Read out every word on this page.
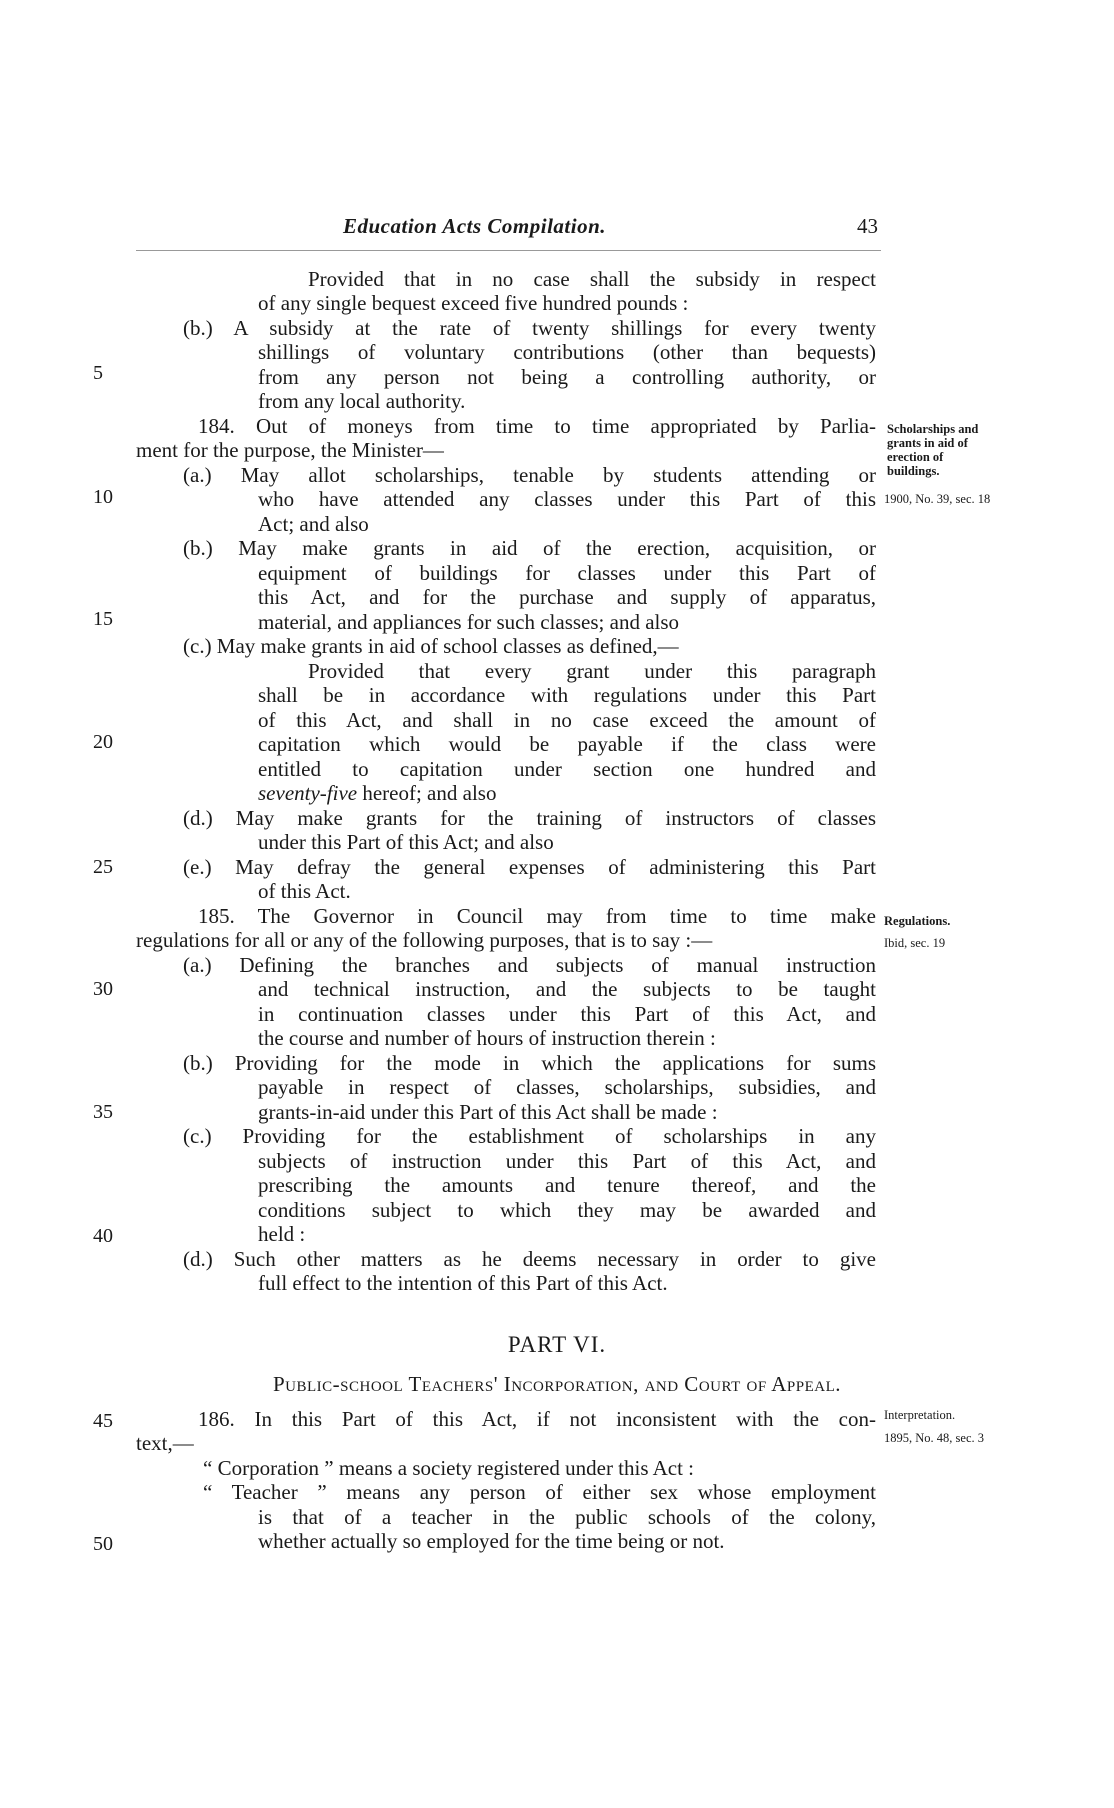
Education Acts Compilation.	43
5
10
15
20
25
30
35
40
45
50
Scholarships and
grants in aid of
erection of
buildings.
1900, No. 39, sec. 18
Regulations.
Ibid, sec. 19
Interpretation.
1895, No. 48, sec. 3
Provided that in no case shall the subsidy in respect
of any single bequest exceed five hundred pounds :
(b.) A subsidy at the rate of twenty shillings for every twenty
shillings of voluntary contributions (other than bequests)
from any person not being a controlling authority, or
from any local authority.
184. Out of moneys from time to time appropriated by Parlia-
ment for the purpose, the Minister—
(a.) May allot scholarships, tenable by students attending or
who have attended any classes under this Part of this
Act; and also
(b.) May make grants in aid of the erection, acquisition, or
equipment of buildings for classes under this Part of
this Act, and for the purchase and supply of apparatus,
material, and appliances for such classes; and also
(c.) May make grants in aid of school classes as defined,—
Provided that every grant under this paragraph
shall be in accordance with regulations under this Part
of this Act, and shall in no case exceed the amount of
capitation which would be payable if the class were
entitled to capitation under section one hundred and
seventy-five hereof; and also
(d.) May make grants for the training of instructors of classes
under this Part of this Act; and also
(e.) May defray the general expenses of administering this Part
of this Act.
185. The Governor in Council may from time to time make
regulations for all or any of the following purposes, that is to say :—
(a.) Defining the branches and subjects of manual instruction
and technical instruction, and the subjects to be taught
in continuation classes under this Part of this Act, and
the course and number of hours of instruction therein :
(b.) Providing for the mode in which the applications for sums
payable in respect of classes, scholarships, subsidies, and
grants-in-aid under this Part of this Act shall be made :
(c.) Providing for the establishment of scholarships in any
subjects of instruction under this Part of this Act, and
prescribing the amounts and tenure thereof, and the
conditions subject to which they may be awarded and
held :
(d.) Such other matters as he deems necessary in order to give
full effect to the intention of this Part of this Act.
PART VI.
Public-school Teachers' Incorporation, and Court of Appeal.
186. In this Part of this Act, if not inconsistent with the con-
text,—
“ Corporation ” means a society registered under this Act :
“ Teacher ” means any person of either sex whose employment
is that of a teacher in the public schools of the colony,
whether actually so employed for the time being or not.
